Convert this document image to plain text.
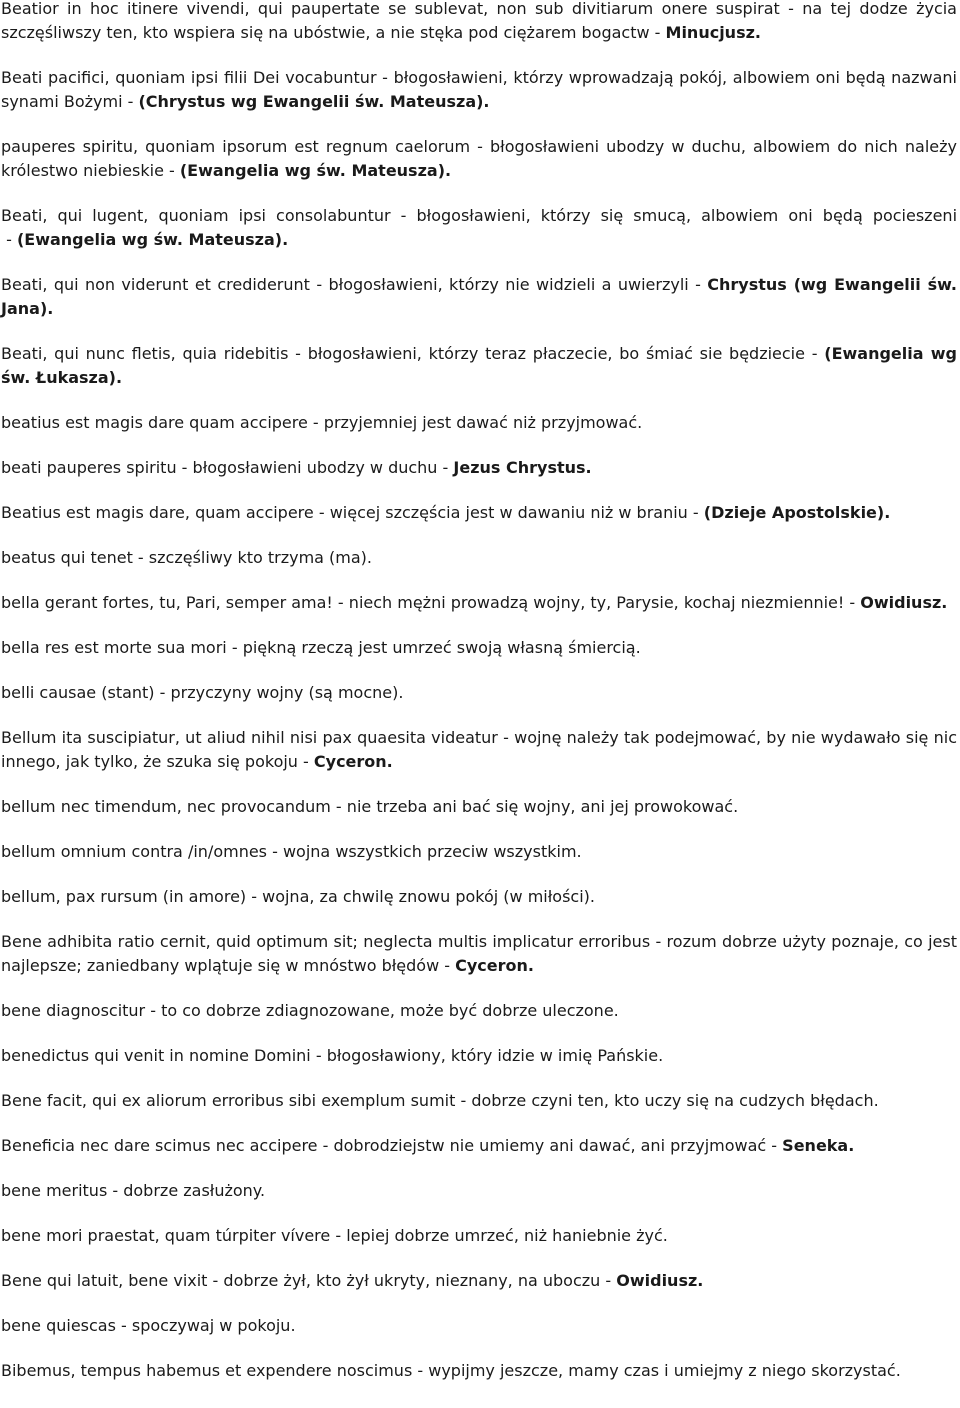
Beatior in hoc itinere vivendi, qui paupertate se sublevat, non sub divitiarum onere suspirat - na tej dodze życia szczęśliwszy ten, kto wspiera się na ubóstwie, a nie stęka pod ciężarem bogactw - Minucjusz.

Beati pacifici, quoniam ipsi filii Dei vocabuntur - błogosławieni, którzy wprowadzają pokój, albowiem oni będą nazwani synami Bożymi - (Chrystus wg Ewangelii św. Mateusza).

pauperes spiritu, quoniam ipsorum est regnum caelorum - błogosławieni ubodzy w duchu, albowiem do nich należy królestwo niebieskie - (Ewangelia wg św. Mateusza).

Beati, qui lugent, quoniam ipsi consolabuntur - błogosławieni, którzy się smucą, albowiem oni będą pocieszeni - (Ewangelia wg św. Mateusza).

Beati, qui non viderunt et crediderunt - błogosławieni, którzy nie widzieli a uwierzyli - Chrystus (wg Ewangelii św. Jana).

Beati, qui nunc fletis, quia ridebitis - błogosławieni, którzy teraz płaczecie, bo śmiać sie będziecie - (Ewangelia wg św. Łukasza).

beatius est magis dare quam accipere - przyjemniej jest dawać niż przyjmować.

beati pauperes spiritu - błogosławieni ubodzy w duchu - Jezus Chrystus.

Beatius est magis dare, quam accipere - więcej szczęścia jest w dawaniu niż w braniu - (Dzieje Apostolskie).

beatus qui tenet - szczęśliwy kto trzyma (ma).

bella gerant fortes, tu, Pari, semper ama! - niech mężni prowadzą wojny, ty, Parysie, kochaj niezmiennie! - Owidiusz.

bella res est morte sua mori - piękną rzeczą jest umrzeć swoją własną śmiercią.

belli causae (stant) - przyczyny wojny (są mocne).

Bellum ita suscipiatur, ut aliud nihil nisi pax quaesita videatur - wojnę należy tak podejmować, by nie wydawało się nic innego, jak tylko, że szuka się pokoju - Cyceron.

bellum nec timendum, nec provocandum - nie trzeba ani bać się wojny, ani jej prowokować.

bellum omnium contra /in/omnes - wojna wszystkich przeciw wszystkim.

bellum, pax rursum (in amore) - wojna, za chwilę znowu pokój (w miłości).

Bene adhibita ratio cernit, quid optimum sit; neglecta multis implicatur erroribus - rozum dobrze użyty poznaje, co jest najlepsze; zaniedbany wplątuje się w mnóstwo błędów - Cyceron.

bene diagnoscitur - to co dobrze zdiagnozowane, może być dobrze uleczone.

benedictus qui venit in nomine Domini - błogosławiony, który idzie w imię Pańskie.

Bene facit, qui ex aliorum erroribus sibi exemplum sumit - dobrze czyni ten, kto uczy się na cudzych błędach.

Beneficia nec dare scimus nec accipere - dobrodziejstw nie umiemy ani dawać, ani przyjmować - Seneka.

bene meritus - dobrze zasłużony.

bene mori praestat, quam túrpiter vívere - lepiej dobrze umrzeć, niż haniebnie żyć.

Bene qui latuit, bene vixit - dobrze żył, kto żył ukryty, nieznany, na uboczu - Owidiusz.

bene quiescas - spoczywaj w pokoju.

Bibemus, tempus habemus et expendere noscimus - wypijmy jeszcze, mamy czas i umiejmy z niego skorzystać.
